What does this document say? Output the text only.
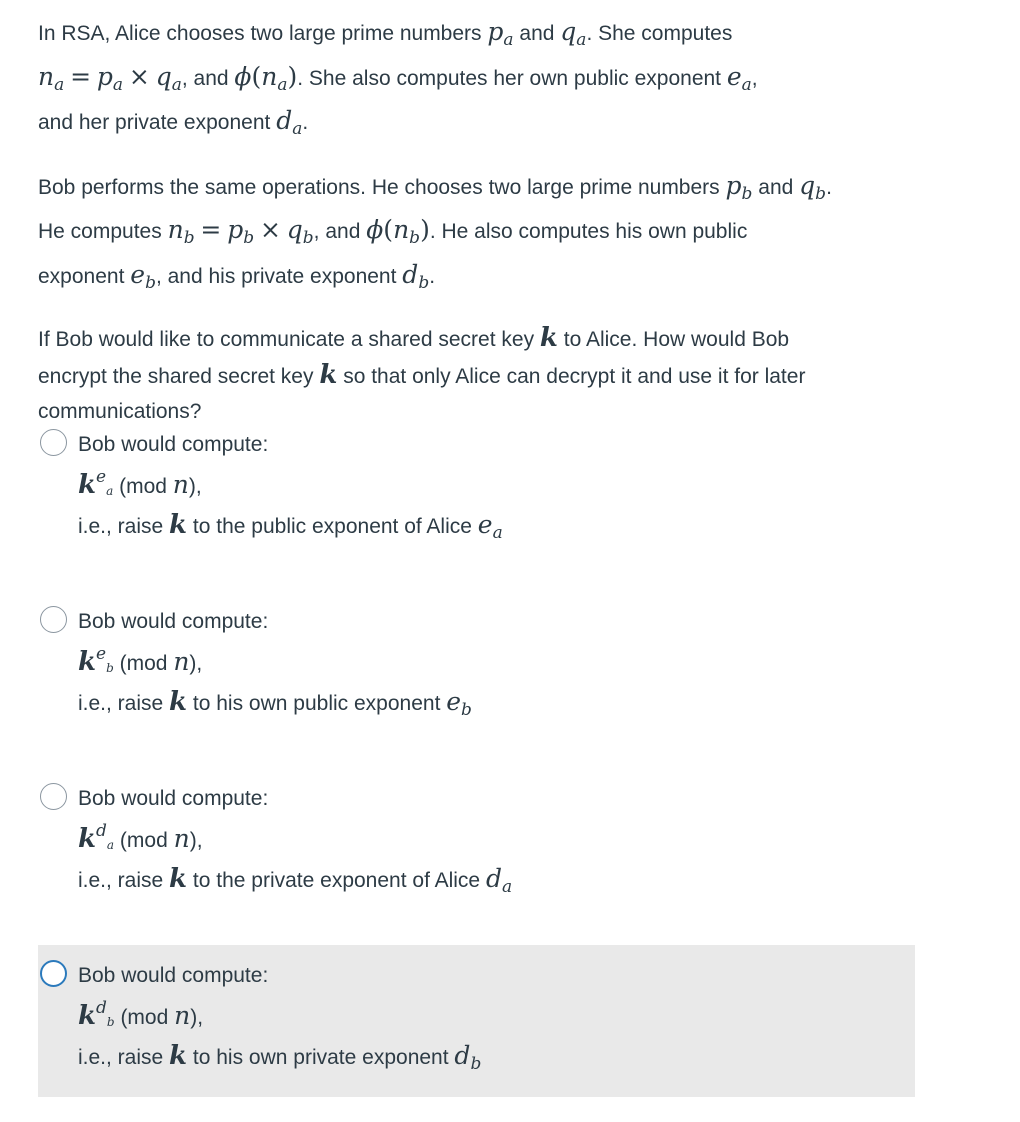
In RSA, Alice chooses two large prime numbers $p_a$ and $q_a$. She computes
$n_a = p_a \times q_a$, and $\phi(n_a)$. She also computes her own public exponent $e_a$,
and her private exponent $d_a$.
Bob performs the same operations. He chooses two large prime numbers $p_b$ and $q_b$.
He computes $n_b = p_b \times q_b$, and $\phi(n_b)$. He also computes his own public
exponent $e_b$, and his private exponent $d_b$.
If Bob would like to communicate a shared secret key k to Alice. How would Bob
encrypt the shared secret key k so that only Alice can decrypt it and use it for later
communications?
Bob would compute:
$k^ea$ (mod n),
i.e., raise k to the public exponent of Alice $e_a$
Bob would compute:
$k^eb$ (mod n),
i.e., raise k to his own public exponent $e_b$
Bob would compute:
$k^da$ (mod n),
i.e., raise k to the private exponent of Alice $d_a$
Bob would compute:
$k^db$ (mod n),
i.e., raise k to his own private exponent $d_b$
